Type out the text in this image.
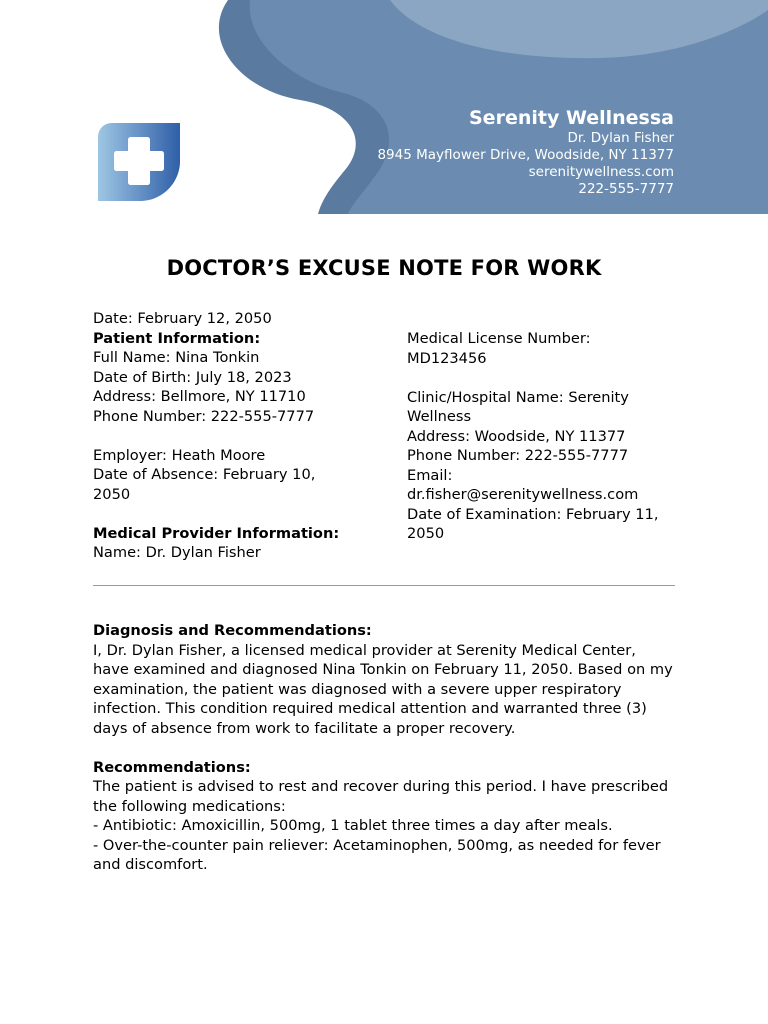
Serenity Wellnessa
Dr. Dylan Fisher
8945 Mayflower Drive, Woodside, NY 11377
serenitywellness.com
222-555-7777
DOCTOR’S EXCUSE NOTE FOR WORK
Date: February 12, 2050
Patient Information:
Full Name: Nina Tonkin
Date of Birth: July 18, 2023
Address: Bellmore, NY 11710
Phone Number: 222-555-7777
Employer: Heath Moore
Date of Absence: February 10, 2050
Medical Provider Information:
Name: Dr. Dylan Fisher
Medical License Number: MD123456
Clinic/Hospital Name: Serenity Wellness
Address: Woodside, NY 11377
Phone Number: 222-555-7777
Email: dr.fisher@serenitywellness.com
Date of Examination: February 11, 2050
Diagnosis and Recommendations:
I, Dr. Dylan Fisher, a licensed medical provider at Serenity Medical Center, have examined and diagnosed Nina Tonkin on February 11, 2050. Based on my examination, the patient was diagnosed with a severe upper respiratory infection. This condition required medical attention and warranted three (3) days of absence from work to facilitate a proper recovery.
Recommendations:
The patient is advised to rest and recover during this period. I have prescribed the following medications:
- Antibiotic: Amoxicillin, 500mg, 1 tablet three times a day after meals.
- Over-the-counter pain reliever: Acetaminophen, 500mg, as needed for fever and discomfort.
